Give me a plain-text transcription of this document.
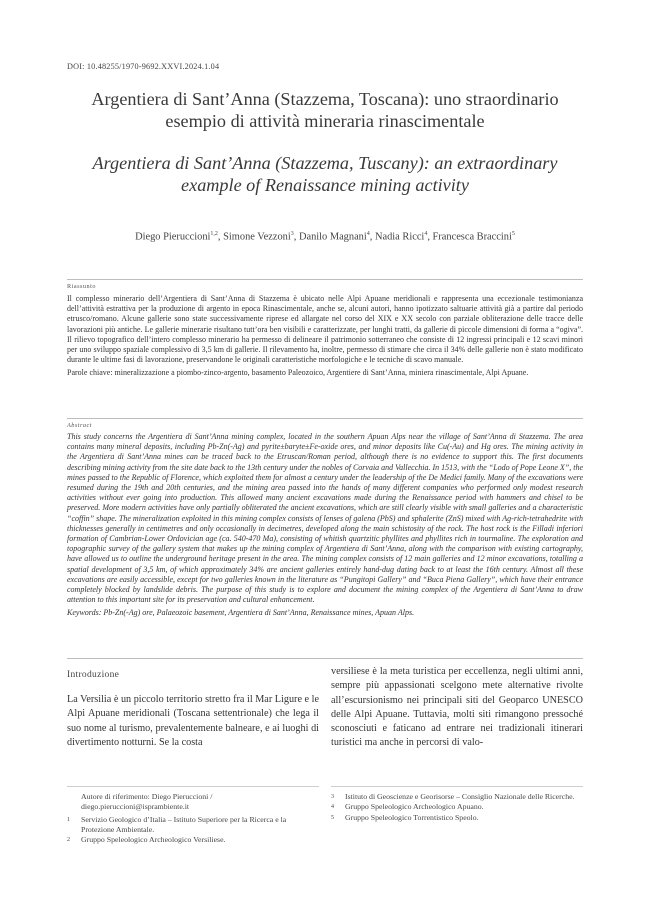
DOI: 10.48255/1970-9692.XXVI.2024.1.04
Argentiera di Sant’Anna (Stazzema, Toscana): uno straordinario esempio di attività mineraria rinascimentale
Argentiera di Sant’Anna (Stazzema, Tuscany): an extraordinary example of Renaissance mining activity
Diego Pieruccioni$^{1,2}$, Simone Vezzoni$^3$, Danilo Magnani$^4$, Nadia Ricci$^4$, Francesca Braccini$^5$
Riassunto

Il complesso minerario dell’Argentiera di Sant’Anna di Stazzema è ubicato nelle Alpi Apuane meridionali e rappresenta una eccezionale testimonianza dell’attività estrattiva per la produzione di argento in epoca Rinascimentale, anche se, alcuni autori, hanno ipotizzato saltuarie attività già a partire dal periodo etrusco/romano. Alcune gallerie sono state successivamente riprese ed allargate nel corso del XIX e XX secolo con parziale obliterazione delle tracce delle lavorazioni più antiche. Le gallerie minerarie risultano tutt’ora ben visibili e caratterizzate, per lunghi tratti, da gallerie di piccole dimensioni di forma a “ogiva”. Il rilievo topografico dell’intero complesso minerario ha permesso di delineare il patrimonio sotterraneo che consiste di 12 ingressi principali e 12 scavi minori per uno sviluppo spaziale complessivo di 3,5 km di gallerie. Il rilevamento ha, inoltre, permesso di stimare che circa il 34% delle gallerie non è stato modificato durante le ultime fasi di lavorazione, preservandone le originali caratteristiche morfologiche e le tecniche di scavo manuale.

Parole chiave: mineralizzazione a piombo-zinco-argento, basamento Paleozoico, Argentiere di Sant’Anna, miniera rinascimentale, Alpi Apuane.

Abstract

This study concerns the Argentiera di Sant’Anna mining complex, located in the southern Apuan Alps near the village of Sant’Anna di Stazzema. The area contains many mineral deposits, including Pb-Zn(-Ag) and pyrite±baryte±Fe-oxide ores, and minor deposits like Cu(-Au) and Hg ores. The mining activity in the Argentiera di Sant’Anna mines can be traced back to the Etruscan/Roman period, although there is no evidence to support this. The first documents describing mining activity from the site date back to the 13th century under the nobles of Corvaia and Vallecchia. In 1513, with the “Lodo of Pope Leone X”, the mines passed to the Republic of Florence, which exploited them for almost a century under the leadership of the De Medici family. Many of the excavations were resumed during the 19th and 20th centuries, and the mining area passed into the hands of many different companies who performed only modest research activities without ever going into production. This allowed many ancient excavations made during the Renaissance period with hammers and chisel to be preserved. More modern activities have only partially obliterated the ancient excavations, which are still clearly visible with small galleries and a characteristic “coffin” shape. The mineralization exploited in this mining complex consists of lenses of galena (PbS) and sphalerite (ZnS) mixed with Ag-rich-tetrahedrite with thicknesses generally in centimetres and only occasionally in decimetres, developed along the main schistosity of the rock. The host rock is the Filladi inferiori formation of Cambrian-Lower Ordovician age (ca. 540-470 Ma), consisting of whitish quartzitic phyllites and phyllites rich in tourmaline. The exploration and topographic survey of the gallery system that makes up the mining complex of Argentiera di Sant’Anna, along with the comparison with existing cartography, have allowed us to outline the underground heritage present in the area. The mining complex consists of 12 main galleries and 12 minor excavations, totalling a spatial development of 3,5 km, of which approximately 34% are ancient galleries entirely hand-dug dating back to at least the 16th century. Almost all these excavations are easily accessible, except for two galleries known in the literature as “Pungitopi Gallery” and “Buca Piena Gallery”, which have their entrance completely blocked by landslide debris. The purpose of this study is to explore and document the mining complex of the Argentiera di Sant’Anna to draw attention to this important site for its preservation and cultural enhancement.

Keywords: Pb-Zn(-Ag) ore, Palaeozoic basement, Argentiera di Sant’Anna, Renaissance mines, Apuan Alps.

Introduzione

La Versilia è un piccolo territorio stretto fra il Mar Ligure e le Alpi Apuane meridionali (Toscana settentrionale) che lega il suo nome al turismo, prevalentemente balneare, e ai luoghi di divertimento notturni. Se la costa

versiliese è la meta turistica per eccellenza, negli ultimi anni, sempre più appassionati scelgono mete alternative rivolte all’escursionismo nei principali siti del Geoparco UNESCO delle Alpi Apuane. Tuttavia, molti siti rimangono pressoché sconosciuti e faticano ad entrare nei tradizionali itinerari turistici ma anche in percorsi di valo-

Autore di riferimento: Diego Pieruccioni / diego.pieruccioni@isprambiente.it
1	Servizio Geologico d’Italia – Istituto Superiore per la Ricerca e la Protezione Ambientale.
2	Gruppo Speleologico Archeologico Versiliese.
3	Istituto di Geoscienze e Georisorse – Consiglio Nazionale delle Ricerche.
4	Gruppo Speleologico Archeologico Apuano.
5	Gruppo Speleologico Torrentistico Speolo.
